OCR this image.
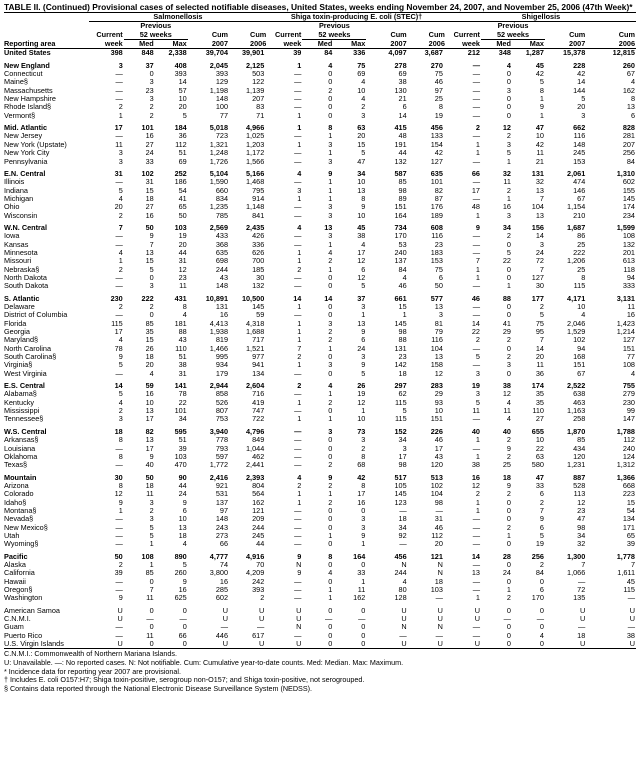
TABLE II. (Continued) Provisional cases of selected notifiable diseases, United States, weeks ending November 24, 2007, and November 25, 2006 (47th Week)*
	Salmonellosis					Shiga toxin-producing E. coli (STEC)†					Shigellosis				
		Previous					Previous					Previous			
	Current	52 weeks		Cum	Cum	Current	52 weeks		Cum	Cum	Current	52 weeks		Cum	Cum
Reporting area	week	Med	Max	2007	2006	week	Med	Max	2007	2006	week	Med	Max	2007	2006
United States	398	848	2,338	39,704	39,901	39	84	336	4,097	3,687	212	348	1,287	15,378	12,815

New England	3	37	408	2,045	2,125	1	4	75	278	270	—	4	45	228	260
Connecticut	—	0	393	393	503	—	0	69	69	75	—	0	42	42	67
Maine§	—	3	14	129	122	—	0	4	38	46	—	0	5	14	4
Massachusetts	—	23	57	1,198	1,139	—	2	10	130	97	—	3	8	144	162
New Hampshire	—	3	10	148	207	—	0	4	21	25	—	0	1	5	8
Rhode Island§	2	2	20	100	83	—	0	2	6	8	—	0	9	20	13
Vermont§	1	2	5	77	71	1	0	3	14	19	—	0	1	3	6

Mid. Atlantic	17	101	184	5,018	4,966	1	8	63	415	456	2	12	47	662	828
New Jersey	—	16	36	723	1,025	—	1	20	48	133	—	2	10	116	281
New York (Upstate)	11	27	112	1,321	1,203	1	3	15	191	154	1	3	42	148	207
New York City	3	24	51	1,248	1,172	—	1	5	44	42	1	5	11	245	256
Pennsylvania	3	33	69	1,726	1,566	—	3	47	132	127	—	1	21	153	84

E.N. Central	31	102	252	5,104	5,166	4	9	34	587	635	66	32	131	2,061	1,310
Illinois	—	31	186	1,590	1,468	—	1	10	85	101	—	11	32	474	602
Indiana	5	15	54	660	795	3	1	13	98	82	17	2	13	146	155
Michigan	4	18	41	834	914	1	1	8	89	87	—	1	7	67	145
Ohio	20	27	65	1,235	1,148	—	3	9	151	176	48	16	104	1,154	174
Wisconsin	2	16	50	785	841	—	3	10	164	189	1	3	13	210	234

W.N. Central	7	50	103	2,569	2,435	4	13	45	734	608	9	34	156	1,687	1,599
Iowa	—	9	19	433	426	—	3	38	170	116	—	2	14	86	108
Kansas	—	7	20	368	336	—	1	4	53	23	—	0	3	25	132
Minnesota	4	13	44	635	626	1	4	17	240	183	—	5	24	222	201
Missouri	1	15	31	698	700	1	2	12	137	153	7	22	72	1,206	613
Nebraska§	2	5	12	244	185	2	1	6	84	75	1	0	7	25	118
North Dakota	—	0	23	43	30	—	0	12	4	6	1	0	127	8	94
South Dakota	—	3	11	148	132	—	0	5	46	50	—	1	30	115	333

S. Atlantic	230	222	431	10,891	10,500	14	14	37	661	577	46	88	177	4,171	3,131
Delaware	2	2	8	131	145	1	0	3	15	13	—	0	2	10	11
District of Columbia	—	0	4	16	59	—	0	1	1	3	—	0	5	4	16
Florida	115	85	181	4,413	4,318	1	3	13	145	81	14	41	75	2,046	1,423
Georgia	17	35	88	1,938	1,688	1	2	9	98	79	22	29	95	1,529	1,214
Maryland§	4	15	43	819	717	1	2	6	88	116	2	2	7	102	127
North Carolina	78	26	110	1,466	1,521	7	1	24	131	104	—	0	14	94	151
South Carolina§	9	18	51	995	977	2	0	3	23	13	5	2	20	168	77
Virginia§	5	20	38	934	941	1	3	9	142	158	—	3	11	151	108
West Virginia	—	4	31	179	134	—	0	5	18	12	3	0	36	67	4

E.S. Central	14	59	141	2,944	2,604	2	4	26	297	283	19	38	174	2,522	755
Alabama§	5	16	78	858	716	—	1	19	62	29	3	12	35	638	279
Kentucky	4	10	22	526	419	1	2	12	115	93	5	4	35	463	230
Mississippi	2	13	101	807	747	—	0	1	5	10	11	11	110	1,163	99
Tennessee§	3	17	34	753	722	1	1	10	115	151	—	4	27	258	147

W.S. Central	18	82	595	3,940	4,796	—	3	73	152	226	40	40	655	1,870	1,788
Arkansas§	8	13	51	778	849	—	0	3	34	46	1	2	10	85	112
Louisiana	—	17	39	793	1,044	—	0	2	3	17	—	9	22	434	240
Oklahoma	8	9	103	597	462	—	0	8	17	43	1	2	63	120	124
Texas§	—	40	470	1,772	2,441	—	2	68	98	120	38	25	580	1,231	1,312

Mountain	30	50	90	2,416	2,393	4	9	42	517	513	16	18	47	887	1,366
Arizona	8	18	44	921	804	2	2	8	105	102	12	9	33	528	668
Colorado	12	11	24	531	564	1	1	17	145	104	2	2	6	113	223
Idaho§	9	3	9	137	162	1	2	16	123	98	1	0	2	12	15
Montana§	1	2	6	97	121	—	0	0	—	—	1	0	7	23	54
Nevada§	—	3	10	148	209	—	0	3	18	31	—	0	9	47	134
New Mexico§	—	5	13	243	244	—	0	3	34	46	—	2	6	98	171
Utah	—	5	18	273	245	—	1	9	92	112	—	1	5	34	65
Wyoming§	—	1	4	66	44	—	0	1	—	20	—	0	19	32	39

Pacific	50	108	890	4,777	4,916	9	8	164	456	121	14	28	256	1,300	1,778
Alaska	2	1	5	74	70	N	0	0	N	N	—	0	2	7	7
California	39	85	260	3,800	4,209	9	4	33	244	N	13	24	84	1,066	1,611
Hawaii	—	0	9	16	242	—	0	1	4	18	—	0	0	—	45
Oregon§	—	7	16	285	393	—	1	11	80	103	—	1	6	72	115
Washington	9	11	625	602	2	—	1	162	128	—	1	2	170	135	—

American Samoa	U	0	0	U	U	U	0	0	U	U	U	0	0	U	U
C.N.M.I.	U	—	—	U	U	U	—	—	U	U	U	—	—	U	U
Guam	—	0	0	—	—	N	0	0	N	N	—	0	0	—	—
Puerto Rico	—	11	66	446	617	—	0	0	—	—	—	0	4	18	38
U.S. Virgin Islands	U	0	0	U	U	U	0	0	U	U	U	0	0	U	U
C.N.M.I.: Commonwealth of Northern Mariana Islands.
U: Unavailable. —: No reported cases. N: Not notifiable. Cum: Cumulative year-to-date counts. Med: Median. Max: Maximum.
* Incidence data for reporting year 2007 are provisional.
† Includes E. coli O157:H7; Shiga toxin-positive, serogroup non-O157; and Shiga toxin-positive, not serogrouped.
§ Contains data reported through the National Electronic Disease Surveillance System (NEDSS).
